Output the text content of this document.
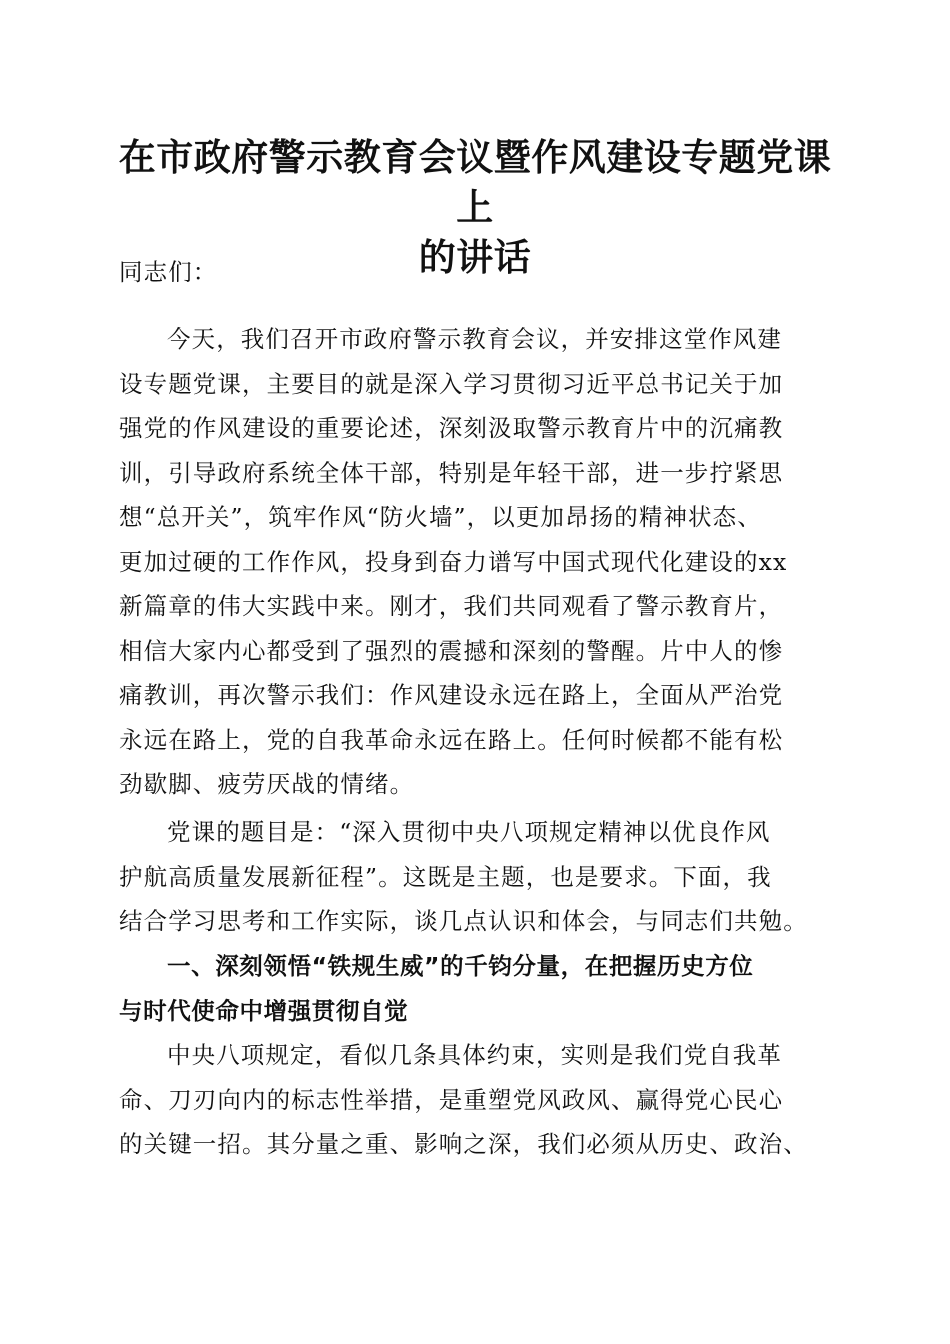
在市政府警示教育会议暨作风建设专题党课上
的讲话
同志们：
今天，我们召开市政府警示教育会议，并安排这堂作风建
设专题党课，主要目的就是深入学习贯彻习近平总书记关于加
强党的作风建设的重要论述，深刻汲取警示教育片中的沉痛教
训，引导政府系统全体干部，特别是年轻干部，进一步拧紧思
想“总开关”，筑牢作风“防火墙”，以更加昂扬的精神状态、
更加过硬的工作作风，投身到奋力谱写中国式现代化建设的xx
新篇章的伟大实践中来。刚才，我们共同观看了警示教育片，
相信大家内心都受到了强烈的震撼和深刻的警醒。片中人的惨
痛教训，再次警示我们：作风建设永远在路上，全面从严治党
永远在路上，党的自我革命永远在路上。任何时候都不能有松
劲歇脚、疲劳厌战的情绪。
党课的题目是：“深入贯彻中央八项规定精神以优良作风
护航高质量发展新征程”。这既是主题，也是要求。下面，我
结合学习思考和工作实际，谈几点认识和体会，与同志们共勉。
一、深刻领悟“铁规生威”的千钧分量，在把握历史方位
与时代使命中增强贯彻自觉
中央八项规定，看似几条具体约束，实则是我们党自我革
命、刀刃向内的标志性举措，是重塑党风政风、赢得党心民心
的关键一招。其分量之重、影响之深，我们必须从历史、政治、
